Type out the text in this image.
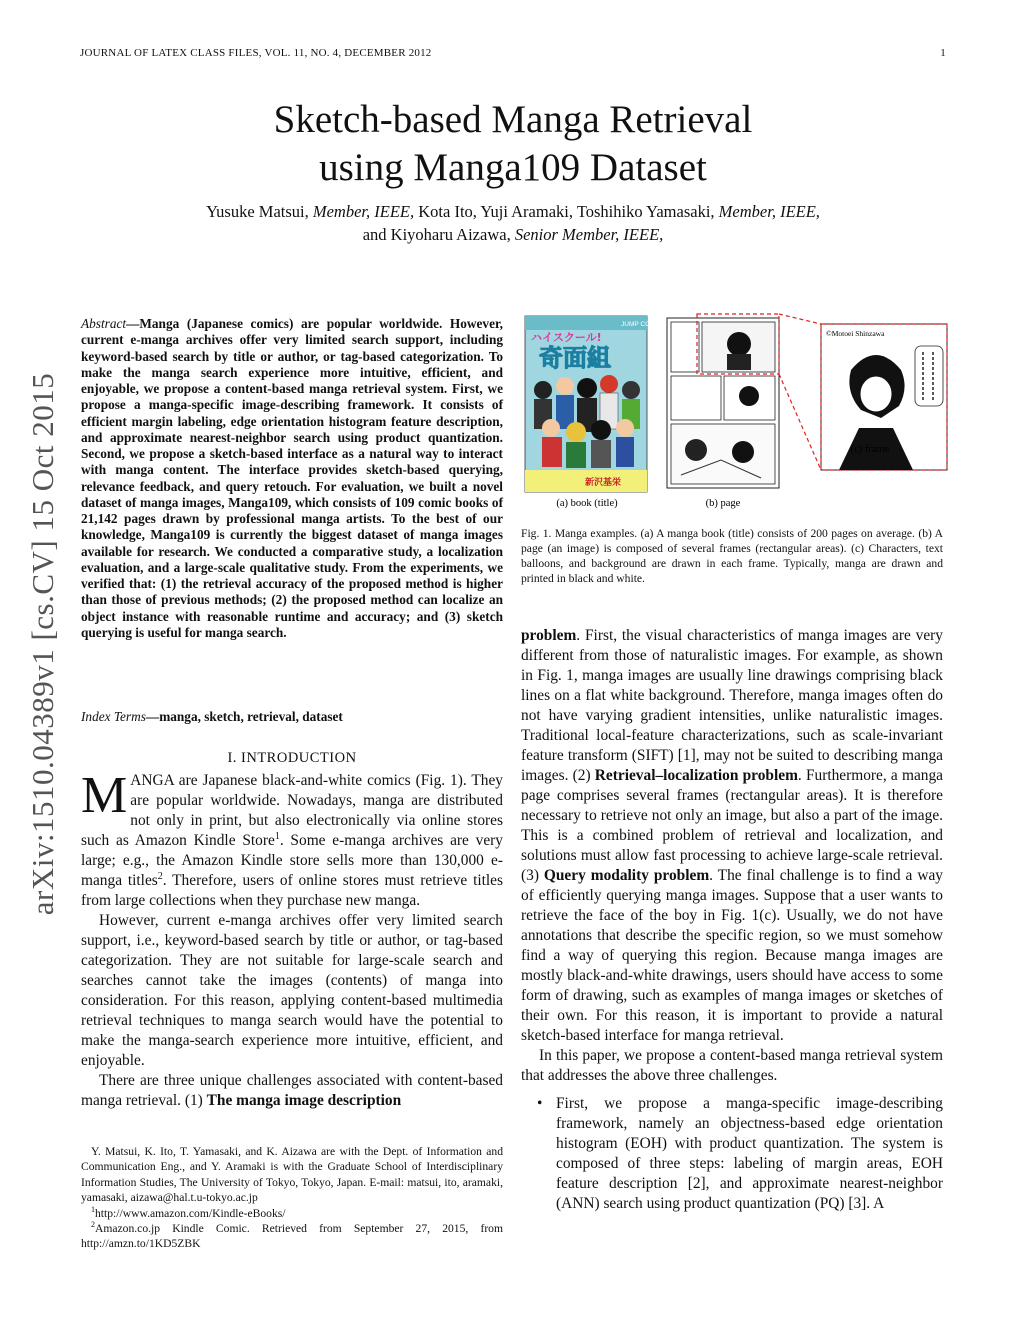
JOURNAL OF LATEX CLASS FILES, VOL. 11, NO. 4, DECEMBER 2012	1
arXiv:1510.04389v1 [cs.CV] 15 Oct 2015
Sketch-based Manga Retrieval
using Manga109 Dataset
Yusuke Matsui, Member, IEEE, Kota Ito, Yuji Aramaki, Toshihiko Yamasaki, Member, IEEE,
and Kiyoharu Aizawa, Senior Member, IEEE,
Abstract—Manga (Japanese comics) are popular worldwide. However, current e-manga archives offer very limited search support, including keyword-based search by title or author, or tag-based categorization. To make the manga search experience more intuitive, efficient, and enjoyable, we propose a content-based manga retrieval system. First, we propose a manga-specific image-describing framework. It consists of efficient margin labeling, edge orientation histogram feature description, and approximate nearest-neighbor search using product quantization. Second, we propose a sketch-based interface as a natural way to interact with manga content. The interface provides sketch-based querying, relevance feedback, and query retouch. For evaluation, we built a novel dataset of manga images, Manga109, which consists of 109 comic books of 21,142 pages drawn by professional manga artists. To the best of our knowledge, Manga109 is currently the biggest dataset of manga images available for research. We conducted a comparative study, a localization evaluation, and a large-scale qualitative study. From the experiments, we verified that: (1) the retrieval accuracy of the proposed method is higher than those of previous methods; (2) the proposed method can localize an object instance with reasonable runtime and accuracy; and (3) sketch querying is useful for manga search.
Index Terms—manga, sketch, retrieval, dataset
I. INTRODUCTION

MANGA are Japanese black-and-white comics (Fig. 1). They are popular worldwide. Nowadays, manga are distributed not only in print, but also electronically via online stores such as Amazon Kindle Store$^1$. Some e-manga archives are very large; e.g., the Amazon Kindle store sells more than 130,000 e-manga titles$^2$. Therefore, users of online stores must retrieve titles from large collections when they purchase new manga.

However, current e-manga archives offer very limited search support, i.e., keyword-based search by title or author, or tag-based categorization. They are not suitable for large-scale search and searches cannot take the images (contents) of manga into consideration. For this reason, applying content-based multimedia retrieval techniques to manga search would have the potential to make the manga-search experience more intuitive, efficient, and enjoyable.

There are three unique challenges associated with content-based manga retrieval. (1) The manga image description

Y. Matsui, K. Ito, T. Yamasaki, and K. Aizawa are with the Dept. of Information and Communication Eng., and Y. Aramaki is with the Graduate School of Interdisciplinary Information Studies, The University of Tokyo, Tokyo, Japan. E-mail: matsui, ito, aramaki, yamasaki, aizawa@hal.t.u-tokyo.ac.jp

$^1$http://www.amazon.com/Kindle-eBooks/

$^2$Amazon.co.jp Kindle Comic. Retrieved from September 27, 2015, from http://amzn.to/1KD5ZBK

JUMP COMICS
ハイスクール!
奇面組
新沢基栄
(a) book (title)	(b) page
©Motoei Shinzawa
(c) frame
Fig. 1. Manga examples. (a) A manga book (title) consists of 200 pages on average. (b) A page (an image) is composed of several frames (rectangular areas). (c) Characters, text balloons, and background are drawn in each frame. Typically, manga are drawn and printed in black and white.

problem. First, the visual characteristics of manga images are very different from those of naturalistic images. For example, as shown in Fig. 1, manga images are usually line drawings comprising black lines on a flat white background. Therefore, manga images often do not have varying gradient intensities, unlike naturalistic images. Traditional local-feature characterizations, such as scale-invariant feature transform (SIFT) [1], may not be suited to describing manga images. (2) Retrieval–localization problem. Furthermore, a manga page comprises several frames (rectangular areas). It is therefore necessary to retrieve not only an image, but also a part of the image. This is a combined problem of retrieval and localization, and solutions must allow fast processing to achieve large-scale retrieval. (3) Query modality problem. The final challenge is to find a way of efficiently querying manga images. Suppose that a user wants to retrieve the face of the boy in Fig. 1(c). Usually, we do not have annotations that describe the specific region, so we must somehow find a way of querying this region. Because manga images are mostly black-and-white drawings, users should have access to some form of drawing, such as examples of manga images or sketches of their own. For this reason, it is important to provide a natural sketch-based interface for manga retrieval.

In this paper, we propose a content-based manga retrieval system that addresses the above three challenges.

• First, we propose a manga-specific image-describing framework, namely an objectness-based edge orientation histogram (EOH) with product quantization. The system is composed of three steps: labeling of margin areas, EOH feature description [2], and approximate nearest-neighbor (ANN) search using product quantization (PQ) [3]. A
